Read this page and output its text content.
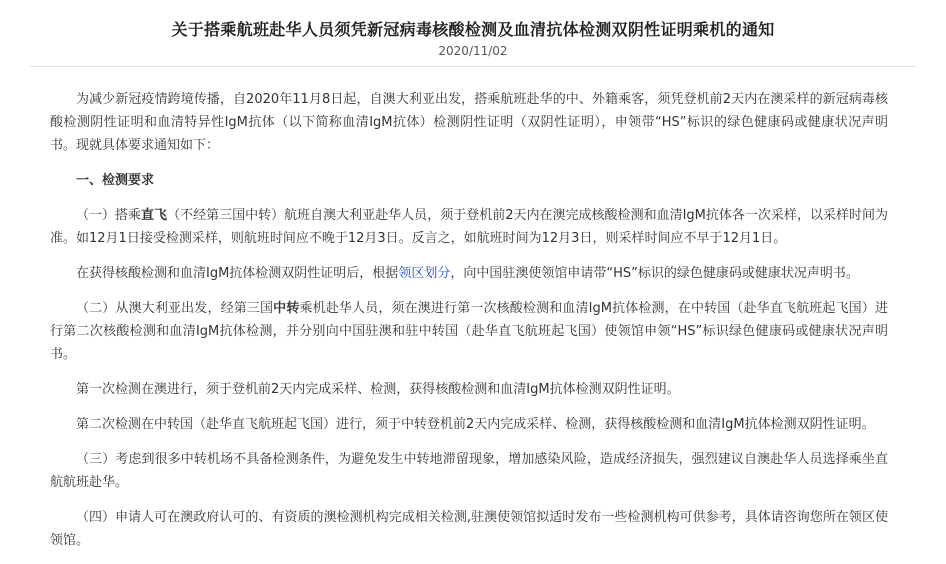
关于搭乘航班赴华人员须凭新冠病毒核酸检测及血清抗体检测双阴性证明乘机的通知
2020/11/02

为减少新冠疫情跨境传播，自2020年11月8日起，自澳大利亚出发，搭乘航班赴华的中、外籍乘客，须凭登机前2天内在澳采样的新冠病毒核酸检测阴性证明和血清特异性IgM抗体（以下简称血清IgM抗体）检测阴性证明（双阴性证明），申领带“HS”标识的绿色健康码或健康状况声明书。现就具体要求通知如下：

一、检测要求

（一）搭乘直飞（不经第三国中转）航班自澳大利亚赴华人员，须于登机前2天内在澳完成核酸检测和血清IgM抗体各一次采样，以采样时间为准。如12月1日接受检测采样，则航班时间应不晚于12月3日。反言之，如航班时间为12月3日，则采样时间应不早于12月1日。

在获得核酸检测和血清IgM抗体检测双阴性证明后，根据领区划分，向中国驻澳使领馆申请带“HS”标识的绿色健康码或健康状况声明书。

（二）从澳大利亚出发，经第三国中转乘机赴华人员，须在澳进行第一次核酸检测和血清IgM抗体检测，在中转国（赴华直飞航班起飞国）进行第二次核酸检测和血清IgM抗体检测，并分别向中国驻澳和驻中转国（赴华直飞航班起飞国）使领馆申领“HS”标识绿色健康码或健康状况声明书。

第一次检测在澳进行，须于登机前2天内完成采样、检测，获得核酸检测和血清IgM抗体检测双阴性证明。

第二次检测在中转国（赴华直飞航班起飞国）进行，须于中转登机前2天内完成采样、检测，获得核酸检测和血清IgM抗体检测双阴性证明。

（三）考虑到很多中转机场不具备检测条件，为避免发生中转地滞留现象，增加感染风险，造成经济损失，强烈建议自澳赴华人员选择乘坐直航航班赴华。

（四）申请人可在澳政府认可的、有资质的澳检测机构完成相关检测,驻澳使领馆拟适时发布一些检测机构可供参考，具体请咨询您所在领区使领馆。
